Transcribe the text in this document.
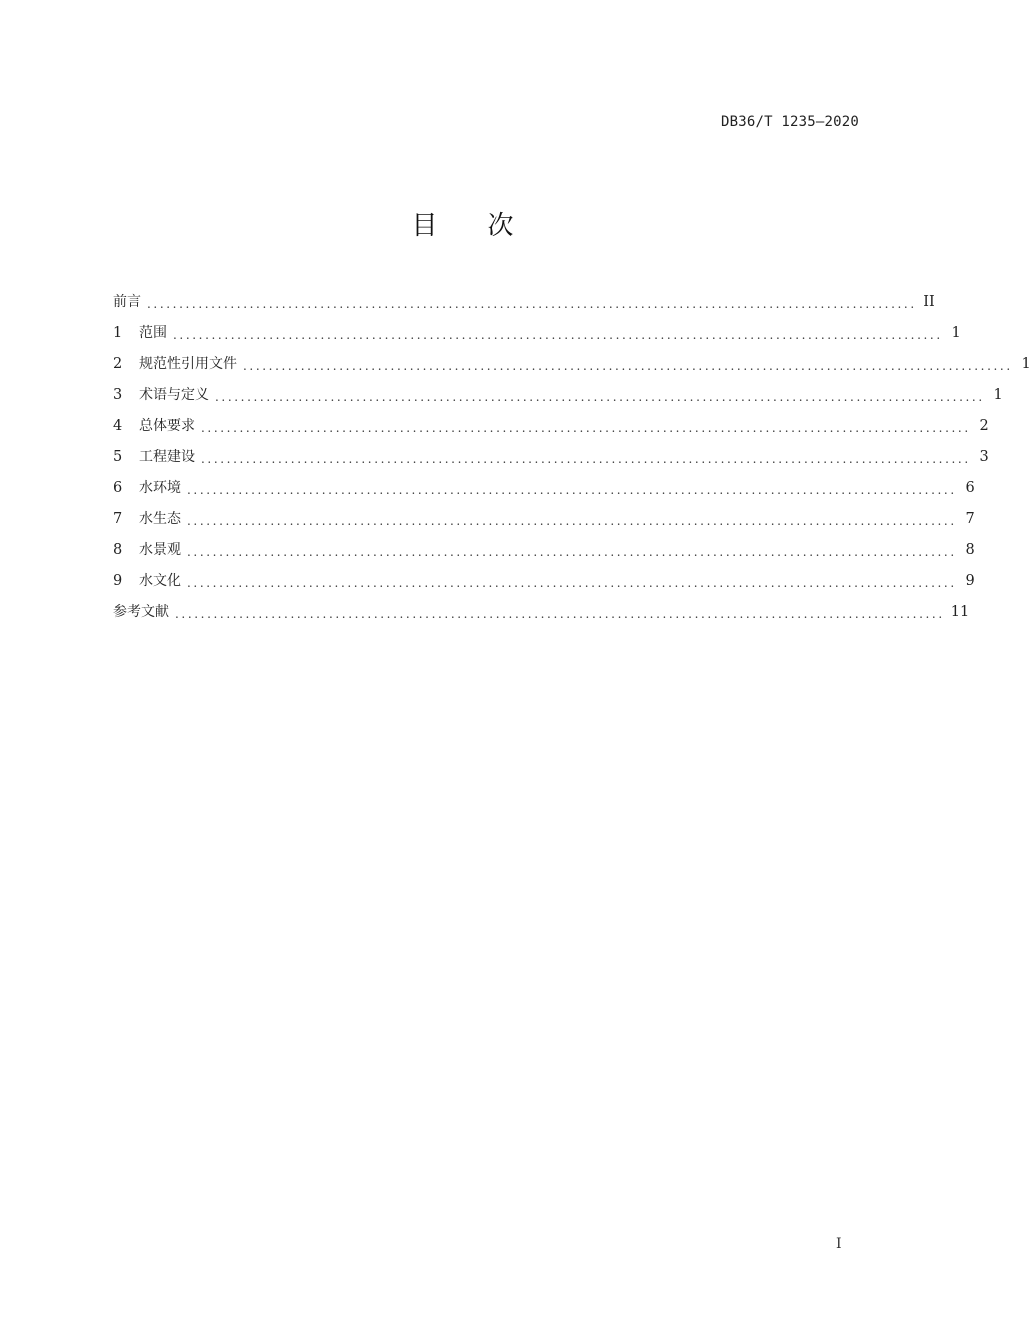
DB36/T 1235—2020
目次
前言 ........................................................................................................................ II
1	范围 ........................................................................................................................ 1
2	规范性引用文件 ........................................................................................................................ 1
3	术语与定义 ........................................................................................................................ 1
4	总体要求 ........................................................................................................................ 2
5	工程建设 ........................................................................................................................ 3
6	水环境 ........................................................................................................................ 6
7	水生态 ........................................................................................................................ 7
8	水景观 ........................................................................................................................ 8
9	水文化 ........................................................................................................................ 9
参考文献 ........................................................................................................................ 11
I
